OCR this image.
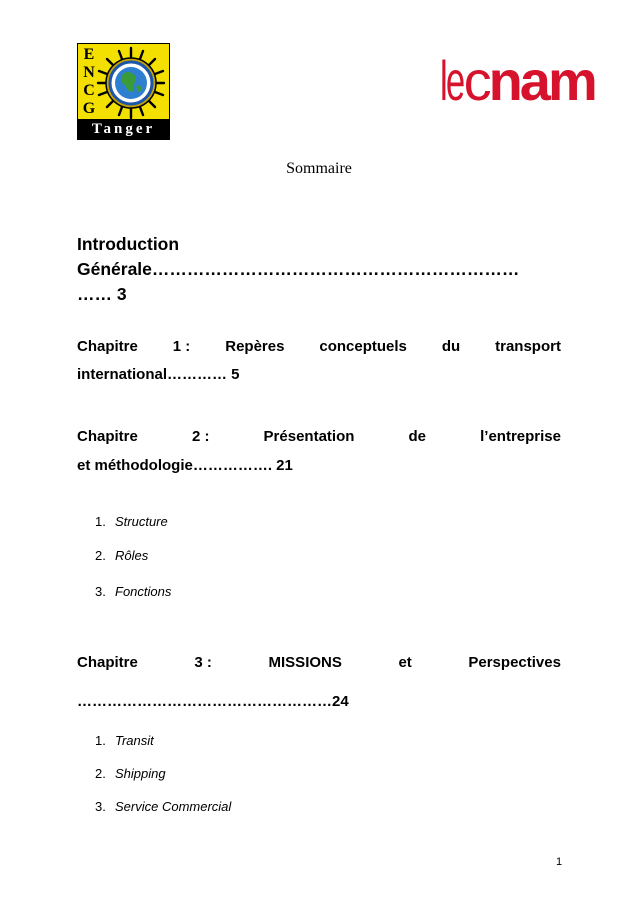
E
N
C
G
Tanger
lecnam
Sommaire
Introduction
Générale………………………………………………………
…… 3
Chapitre 1 : Repères conceptuels du transport
international………… 5
Chapitre	2 :	Présentation	de	l’entreprise
et méthodologie……………. 21
1. Structure
2. Rôles
3. Fonctions
Chapitre	3 :	MISSIONS	et	Perspectives
……………………………………………24
1. Transit
2. Shipping
3. Service Commercial
1
